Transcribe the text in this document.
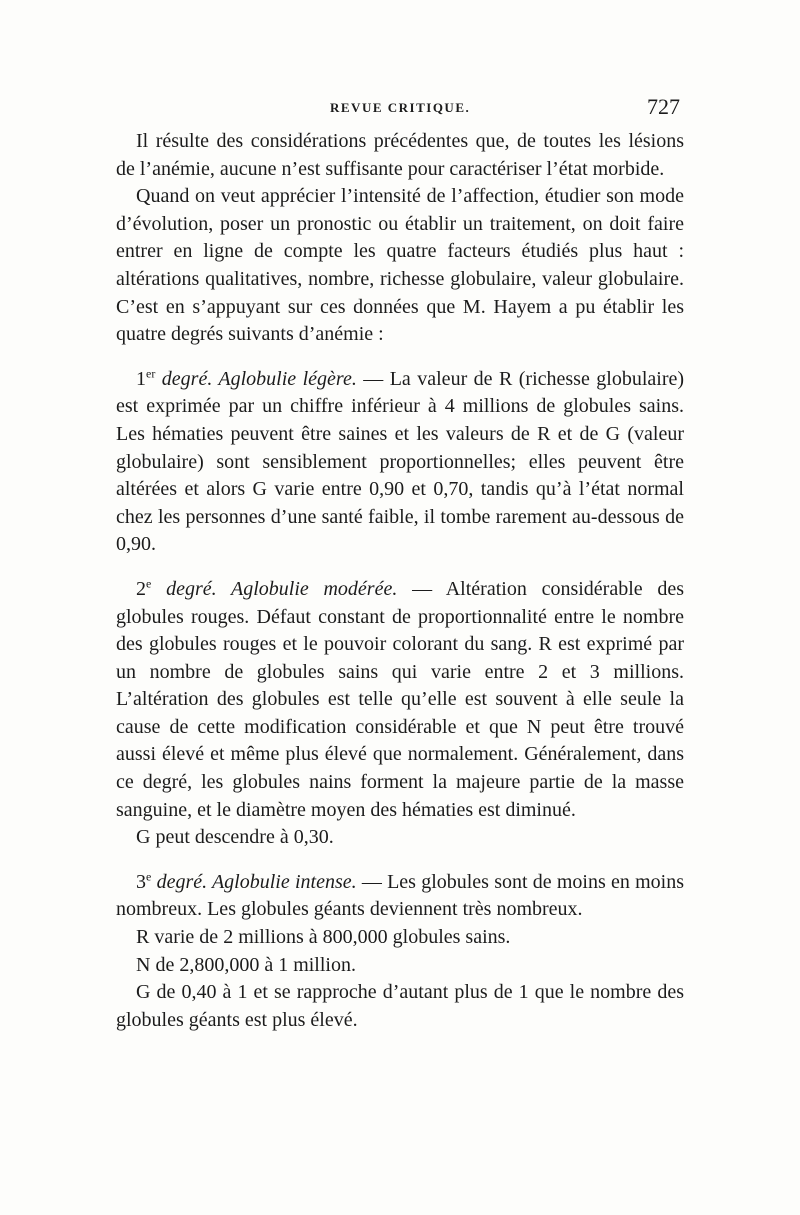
REVUE CRITIQUE.	727

Il résulte des considérations précédentes que, de toutes les lésions de l’anémie, aucune n’est suffisante pour caractériser l’état morbide.

Quand on veut apprécier l’intensité de l’affection, étudier son mode d’évolution, poser un pronostic ou établir un traitement, on doit faire entrer en ligne de compte les quatre facteurs étudiés plus haut : altérations qualitatives, nombre, richesse globulaire, valeur globulaire. C’est en s’appuyant sur ces données que M. Hayem a pu établir les quatre degrés suivants d’anémie :

1er degré. Aglobulie légère. — La valeur de R (richesse globulaire) est exprimée par un chiffre inférieur à 4 millions de globules sains. Les hématies peuvent être saines et les valeurs de R et de G (valeur globulaire) sont sensiblement proportionnelles; elles peuvent être altérées et alors G varie entre 0,90 et 0,70, tandis qu’à l’état normal chez les personnes d’une santé faible, il tombe rarement au-dessous de 0,90.

2e degré. Aglobulie modérée. — Altération considérable des globules rouges. Défaut constant de proportionnalité entre le nombre des globules rouges et le pouvoir colorant du sang. R est exprimé par un nombre de globules sains qui varie entre 2 et 3 millions. L’altération des globules est telle qu’elle est souvent à elle seule la cause de cette modification considérable et que N peut être trouvé aussi élevé et même plus élevé que normalement. Généralement, dans ce degré, les globules nains forment la majeure partie de la masse sanguine, et le diamètre moyen des hématies est diminué.

G peut descendre à 0,30.

3e degré. Aglobulie intense. — Les globules sont de moins en moins nombreux. Les globules géants deviennent très nombreux.

R varie de 2 millions à 800,000 globules sains.

N de 2,800,000 à 1 million.

G de 0,40 à 1 et se rapproche d’autant plus de 1 que le nombre des globules géants est plus élevé.
